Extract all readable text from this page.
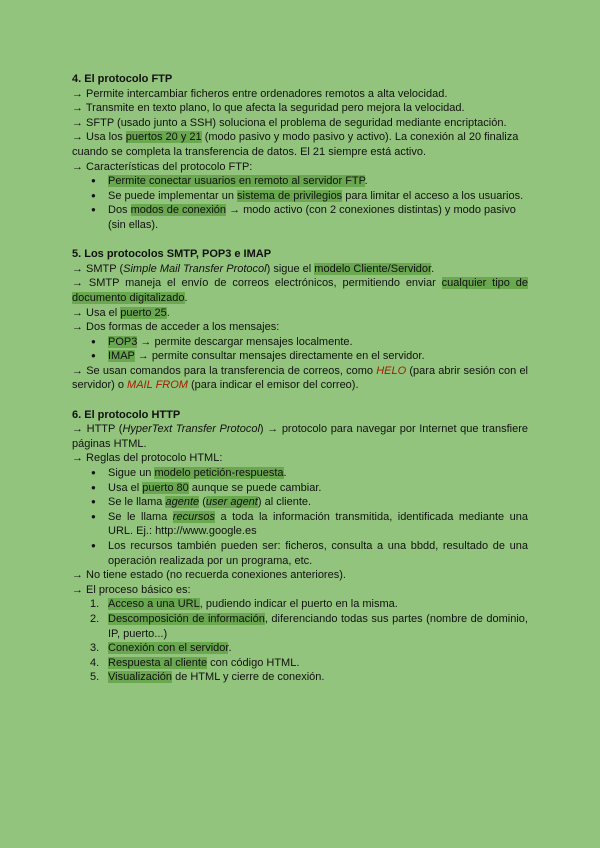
4. El protocolo FTP
→ Permite intercambiar ficheros entre ordenadores remotos a alta velocidad.
→ Transmite en texto plano, lo que afecta la seguridad pero mejora la velocidad.
→ SFTP (usado junto a SSH) soluciona el problema de seguridad mediante encriptación.
→ Usa los puertos 20 y 21 (modo pasivo y modo pasivo y activo). La conexión al 20 finaliza cuando se completa la transferencia de datos. El 21 siempre está activo.
→ Características del protocolo FTP:
● Permite conectar usuarios en remoto al servidor FTP.
● Se puede implementar un sistema de privilegios para limitar el acceso a los usuarios.
● Dos modos de conexión → modo activo (con 2 conexiones distintas) y modo pasivo (sin ellas).
5. Los protocolos SMTP, POP3 e IMAP
→ SMTP (Simple Mail Transfer Protocol) sigue el modelo Cliente/Servidor.
→ SMTP maneja el envío de correos electrónicos, permitiendo enviar cualquier tipo de documento digitalizado.
→ Usa el puerto 25.
→ Dos formas de acceder a los mensajes:
● POP3 → permite descargar mensajes localmente.
● IMAP → permite consultar mensajes directamente en el servidor.
→ Se usan comandos para la transferencia de correos, como HELO (para abrir sesión con el servidor) o MAIL FROM (para indicar el emisor del correo).
6. El protocolo HTTP
→ HTTP (HyperText Transfer Protocol) → protocolo para navegar por Internet que transfiere páginas HTML.
→ Reglas del protocolo HTML:
● Sigue un modelo petición-respuesta.
● Usa el puerto 80 aunque se puede cambiar.
● Se le llama agente (user agent) al cliente.
● Se le llama recursos a toda la información transmitida, identificada mediante una URL. Ej.: http://www.google.es
● Los recursos también pueden ser: ficheros, consulta a una bbdd, resultado de una operación realizada por un programa, etc.
→ No tiene estado (no recuerda conexiones anteriores).
→ El proceso básico es:
1. Acceso a una URL, pudiendo indicar el puerto en la misma.
2. Descomposición de información, diferenciando todas sus partes (nombre de dominio, IP, puerto...)
3. Conexión con el servidor.
4. Respuesta al cliente con código HTML.
5. Visualización de HTML y cierre de conexión.
